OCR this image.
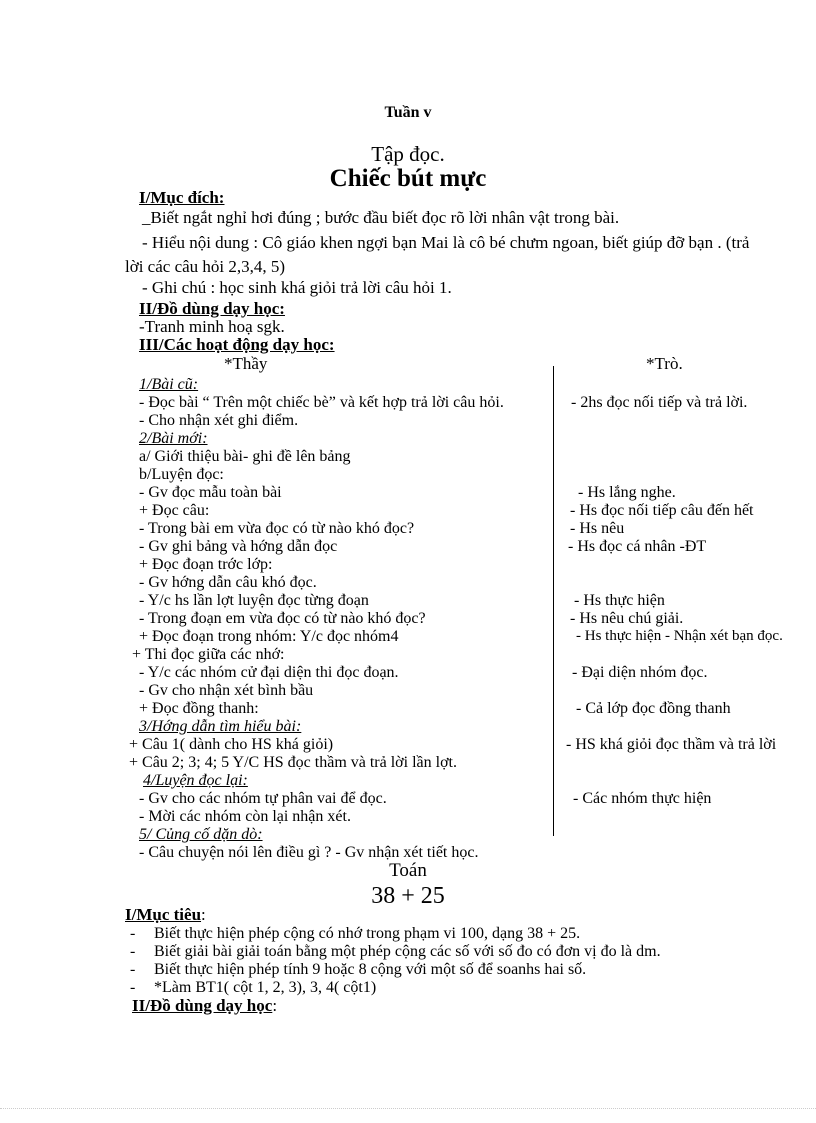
Tuần v
Tập đọc.
Chiếc bút mực
I/Mục đích:
_Biết ngắt nghỉ hơi đúng ; bước đầu biết đọc rõ lời nhân vật trong bài.
- Hiểu nội dung : Cô giáo khen ngợi bạn Mai là cô bé chưm ngoan, biết giúp đỡ bạn . (trả
lời các câu hỏi 2,3,4, 5)
- Ghi chú : học sinh khá giỏi trả lời câu hỏi 1.
II/Đồ dùng dạy học:
-Tranh minh hoạ sgk.
III/Các hoạt động dạy học:
*Thầy	*Trò.
1/Bài cũ:
- Đọc bài “ Trên một chiếc bè” và kết hợp trả lời câu hỏi.
- Cho nhận xét ghi điểm.
2/Bài mới:
a/ Giới thiệu bài- ghi đề lên bảng
b/Luyện đọc:
- Gv đọc mẫu toàn bài
+ Đọc câu:
- Trong bài em vừa đọc có từ nào khó đọc?
- Gv ghi bảng và hớng dẫn đọc
+ Đọc đoạn trớc lớp:
- Gv hớng dẫn câu khó đọc.
- Y/c hs lần lợt luyện đọc từng đoạn
- Trong đoạn em vừa đọc có từ nào khó đọc?
+ Đọc đoạn trong nhóm: Y/c đọc nhóm4
+ Thi đọc giữa các nhớ:
- Y/c các nhóm cử đại diện thi đọc đoạn.
- Gv cho nhận xét bình bầu
+ Đọc đồng thanh:
3/Hớng dẫn tìm hiểu bài:
+ Câu 1( dành cho HS khá giỏi)
+ Câu 2; 3; 4; 5 Y/C HS đọc thầm và trả lời lần lợt.
4/Luyện đọc lại:
- Gv cho các nhóm tự phân vai để đọc.
- Mời các nhóm còn lại nhận xét.
5/ Củng cố dặn dò:
- Câu chuyện nói lên điều gì ? - Gv nhận xét tiết học.
- 2hs đọc nối tiếp và trả lời.
- Hs lắng nghe.
- Hs đọc nối tiếp câu đến hết
- Hs nêu
- Hs đọc cá nhân -ĐT
- Hs thực hiện
- Hs nêu chú giải.
- Hs thực hiện - Nhận xét bạn đọc.
- Đại diện nhóm đọc.
- Cả lớp đọc đồng thanh
- HS khá giỏi đọc thầm và trả lời
- Các nhóm thực hiện
Toán
38 + 25
I/Mục tiêu:
- Biết thực hiện phép cộng có nhớ trong phạm vi 100, dạng 38 + 25.
- Biết giải bài giải toán bằng một phép cộng các số với số đo có đơn vị đo là dm.
- Biết thực hiện phép tính 9 hoặc 8 cộng với một số để soanhs hai số.
- *Làm BT1( cột 1, 2, 3), 3, 4( cột1)
II/Đồ dùng dạy học:
